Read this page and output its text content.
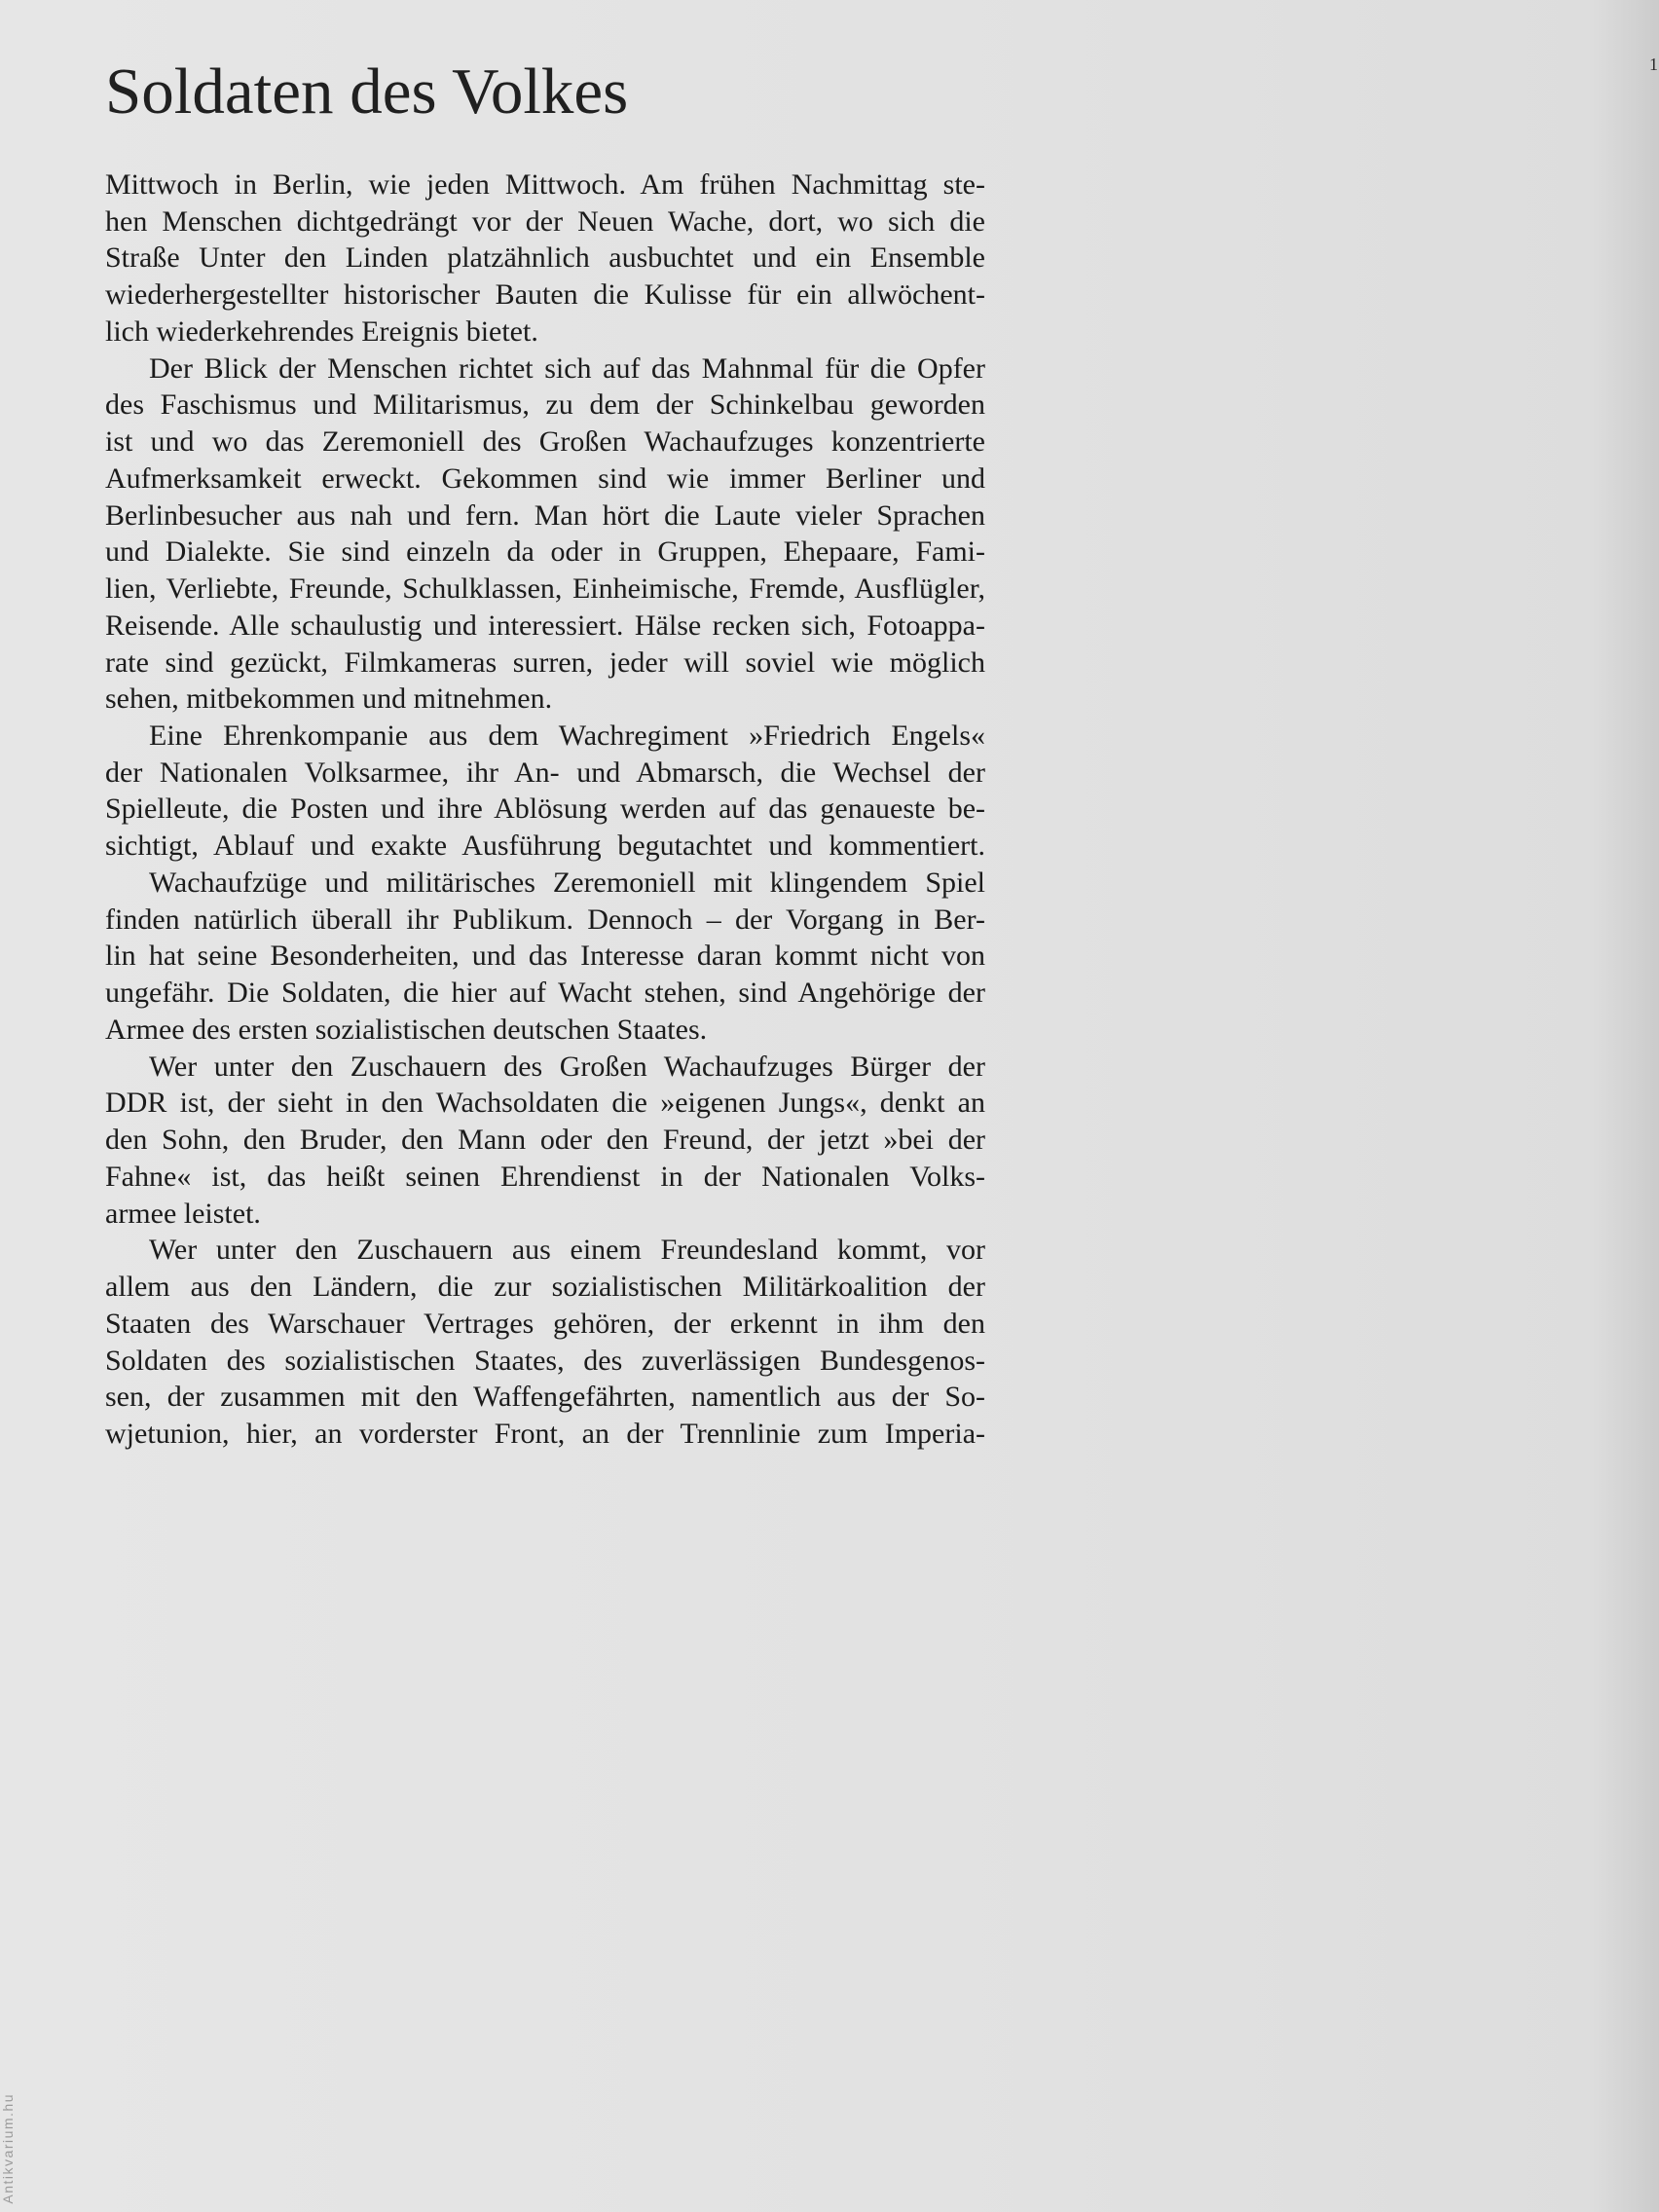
1
Soldaten des Volkes
Mittwoch in Berlin, wie jeden Mittwoch. Am frühen Nachmittag ste-
hen Menschen dichtgedrängt vor der Neuen Wache, dort, wo sich die
Straße Unter den Linden platzähnlich ausbuchtet und ein Ensemble
wiederhergestellter historischer Bauten die Kulisse für ein allwöchent-
lich wiederkehrendes Ereignis bietet.
Der Blick der Menschen richtet sich auf das Mahnmal für die Opfer
des Faschismus und Militarismus, zu dem der Schinkelbau geworden
ist und wo das Zeremoniell des Großen Wachaufzuges konzentrierte
Aufmerksamkeit erweckt. Gekommen sind wie immer Berliner und
Berlinbesucher aus nah und fern. Man hört die Laute vieler Sprachen
und Dialekte. Sie sind einzeln da oder in Gruppen, Ehepaare, Fami-
lien, Verliebte, Freunde, Schulklassen, Einheimische, Fremde, Ausflügler,
Reisende. Alle schaulustig und interessiert. Hälse recken sich, Fotoappa-
rate sind gezückt, Filmkameras surren, jeder will soviel wie möglich
sehen, mitbekommen und mitnehmen.
Eine Ehrenkompanie aus dem Wachregiment »Friedrich Engels«
der Nationalen Volksarmee, ihr An- und Abmarsch, die Wechsel der
Spielleute, die Posten und ihre Ablösung werden auf das genaueste be-
sichtigt, Ablauf und exakte Ausführung begutachtet und kommentiert.
Wachaufzüge und militärisches Zeremoniell mit klingendem Spiel
finden natürlich überall ihr Publikum. Dennoch – der Vorgang in Ber-
lin hat seine Besonderheiten, und das Interesse daran kommt nicht von
ungefähr. Die Soldaten, die hier auf Wacht stehen, sind Angehörige der
Armee des ersten sozialistischen deutschen Staates.
Wer unter den Zuschauern des Großen Wachaufzuges Bürger der
DDR ist, der sieht in den Wachsoldaten die »eigenen Jungs«, denkt an
den Sohn, den Bruder, den Mann oder den Freund, der jetzt »bei der
Fahne« ist, das heißt seinen Ehrendienst in der Nationalen Volks-
armee leistet.
Wer unter den Zuschauern aus einem Freundesland kommt, vor
allem aus den Ländern, die zur sozialistischen Militärkoalition der
Staaten des Warschauer Vertrages gehören, der erkennt in ihm den
Soldaten des sozialistischen Staates, des zuverlässigen Bundesgenos-
sen, der zusammen mit den Waffengefährten, namentlich aus der So-
wjetunion, hier, an vorderster Front, an der Trennlinie zum Imperia-
Antikvarium.hu
